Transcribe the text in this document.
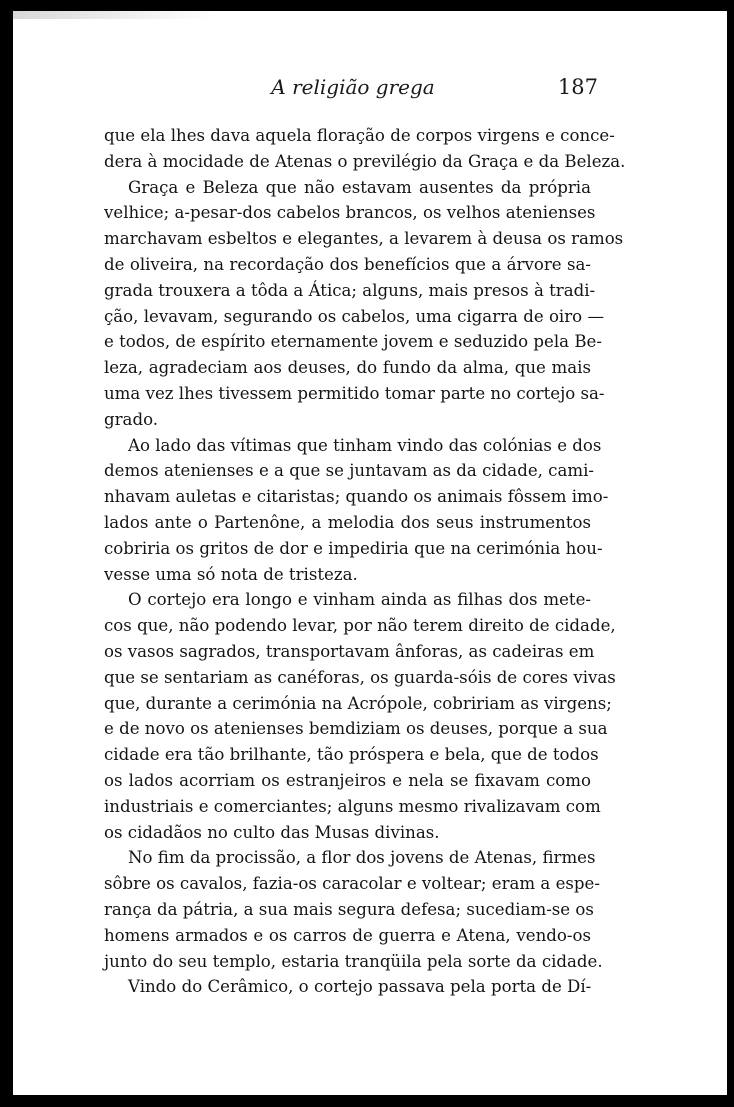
A religião grega	187
que ela lhes dava aquela floração de corpos virgens e conce-
dera à mocidade de Atenas o previlégio da Graça e da Beleza.
Graça e Beleza que não estavam ausentes da própria
velhice; a-pesar-dos cabelos brancos, os velhos atenienses
marchavam esbeltos e elegantes, a levarem à deusa os ramos
de oliveira, na recordação dos benefícios que a árvore sa-
grada trouxera a tôda a Ática; alguns, mais presos à tradi-
ção, levavam, segurando os cabelos, uma cigarra de oiro —
e todos, de espírito eternamente jovem e seduzido pela Be-
leza, agradeciam aos deuses, do fundo da alma, que mais
uma vez lhes tivessem permitido tomar parte no cortejo sa-
grado.
Ao lado das vítimas que tinham vindo das colónias e dos
demos atenienses e a que se juntavam as da cidade, cami-
nhavam auletas e citaristas; quando os animais fôssem imo-
lados ante o Partenône, a melodia dos seus instrumentos
cobriria os gritos de dor e impediria que na cerimónia hou-
vesse uma só nota de tristeza.
O cortejo era longo e vinham ainda as filhas dos mete-
cos que, não podendo levar, por não terem direito de cidade,
os vasos sagrados, transportavam ânforas, as cadeiras em
que se sentariam as canéforas, os guarda-sóis de cores vivas
que, durante a cerimónia na Acrópole, cobririam as virgens;
e de novo os atenienses bemdiziam os deuses, porque a sua
cidade era tão brilhante, tão próspera e bela, que de todos
os lados acorriam os estranjeiros e nela se fixavam como
industriais e comerciantes; alguns mesmo rivalizavam com
os cidadãos no culto das Musas divinas.
No fim da procissão, a flor dos jovens de Atenas, firmes
sôbre os cavalos, fazia-os caracolar e voltear; eram a espe-
rança da pátria, a sua mais segura defesa; sucediam-se os
homens armados e os carros de guerra e Atena, vendo-os
junto do seu templo, estaria tranqüila pela sorte da cidade.
Vindo do Cerâmico, o cortejo passava pela porta de Dí-
